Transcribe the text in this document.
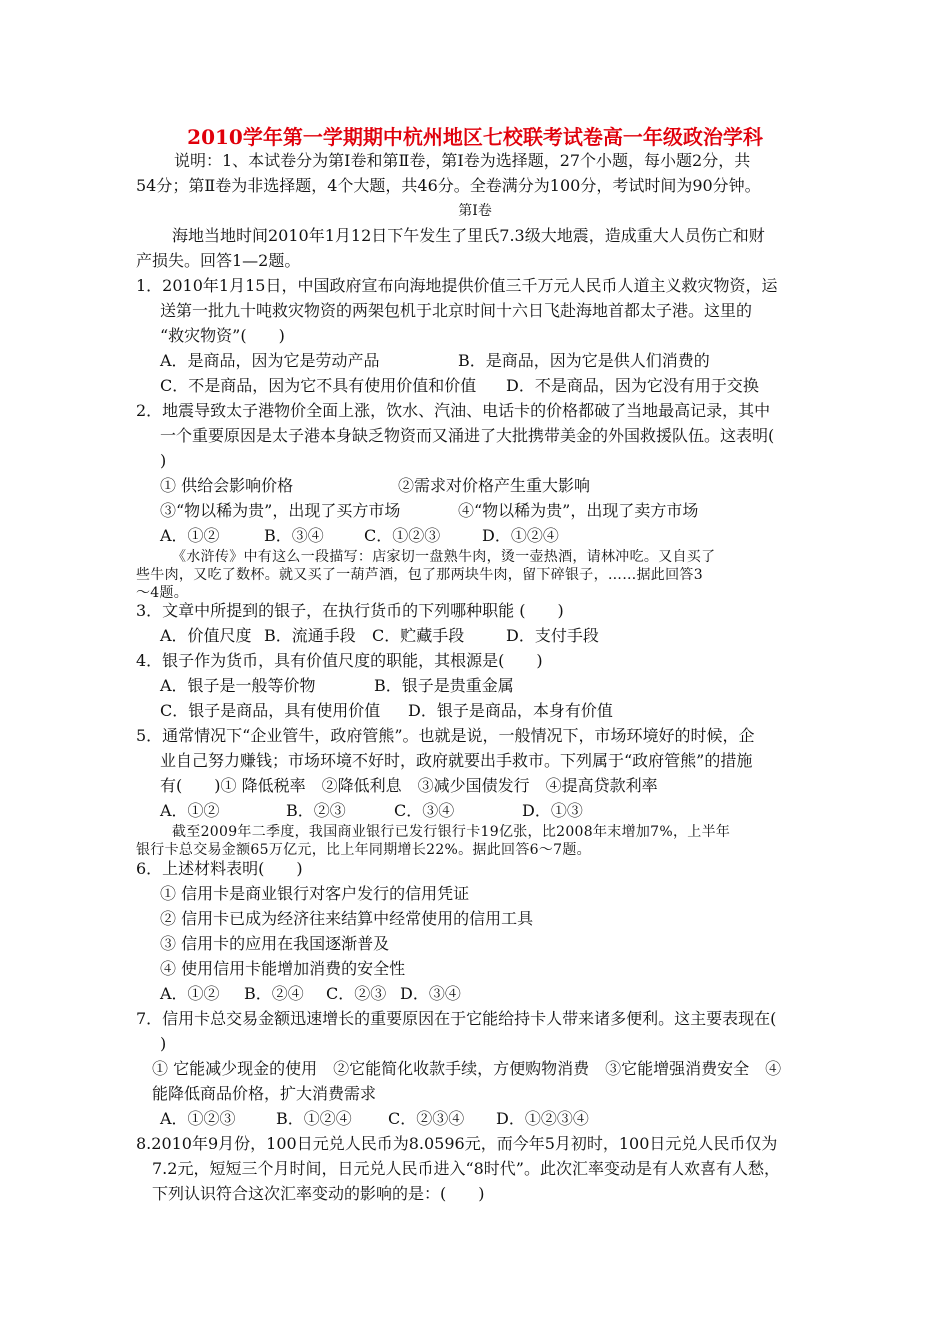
2010学年第一学期期中杭州地区七校联考试卷高一年级政治学科
说明：1、本试卷分为第Ⅰ卷和第Ⅱ卷，第Ⅰ卷为选择题，27个小题，每小题2分，共
54分；第Ⅱ卷为非选择题，4个大题，共46分。全卷满分为100分，考试时间为90分钟。
第Ⅰ卷
海地当地时间2010年1月12日下午发生了里氏7.3级大地震，造成重大人员伤亡和财
产损失。回答1—2题。
1．2010年1月15日，中国政府宣布向海地提供价值三千万元人民币人道主义救灾物资，运
送第一批九十吨救灾物资的两架包机于北京时间十六日飞赴海地首都太子港。这里的
“救灾物资”(　　)
A．是商品，因为它是劳动产品	B．是商品，因为它是供人们消费的
C．不是商品，因为它不具有使用价值和价值 D．不是商品，因为它没有用于交换
2．地震导致太子港物价全面上涨，饮水、汽油、电话卡的价格都破了当地最高记录，其中
一个重要原因是太子港本身缺乏物资而又涌进了大批携带美金的外国救援队伍。这表明(
)
① 供给会影响价格	②需求对价格产生重大影响
③“物以稀为贵”，出现了买方市场	④“物以稀为贵”，出现了卖方市场
A．①②	B．③④	C．①②③	D．①②④
《水浒传》中有这么一段描写：店家切一盘熟牛肉，烫一壶热酒，请林冲吃。又自买了
些牛肉，又吃了数杯。就又买了一葫芦酒，包了那两块牛肉，留下碎银子，……据此回答3
～4题。
3．文章中所提到的银子，在执行货币的下列哪种职能 (　　)
A．价值尺度 B．流通手段 C．贮藏手段	D．支付手段
4．银子作为货币，具有价值尺度的职能，其根源是(　　)
A．银子是一般等价物	B．银子是贵重金属
C．银子是商品，具有使用价值 D．银子是商品，本身有价值
5．通常情况下“企业管牛，政府管熊”。也就是说，一般情况下，市场环境好的时候，企
业自己努力赚钱；市场环境不好时，政府就要出手救市。下列属于“政府管熊”的措施
有(　　)① 降低税率　②降低利息　③减少国债发行　④提高贷款利率
A．①②	B．②③	C．③④	D．①③
截至2009年二季度，我国商业银行已发行银行卡19亿张，比2008年末增加7%，上半年
银行卡总交易金额65万亿元，比上年同期增长22%。据此回答6～7题。
6．上述材料表明(　　)
① 信用卡是商业银行对客户发行的信用凭证
② 信用卡已成为经济往来结算中经常使用的信用工具
③ 信用卡的应用在我国逐渐普及
④ 使用信用卡能增加消费的安全性
A．①② B．②④ C．②③ D．③④
7．信用卡总交易金额迅速增长的重要原因在于它能给持卡人带来诸多便利。这主要表现在(
)
① 它能减少现金的使用　②它能简化收款手续，方便购物消费　③它能增强消费安全　④
能降低商品价格，扩大消费需求
A．①②③	B．①②④ C．②③④ D．①②③④
8.2010年9月份，100日元兑人民币为8.0596元，而今年5月初时，100日元兑人民币仅为
7.2元，短短三个月时间，日元兑人民币进入“8时代”。此次汇率变动是有人欢喜有人愁，
下列认识符合这次汇率变动的影响的是：(　　)
